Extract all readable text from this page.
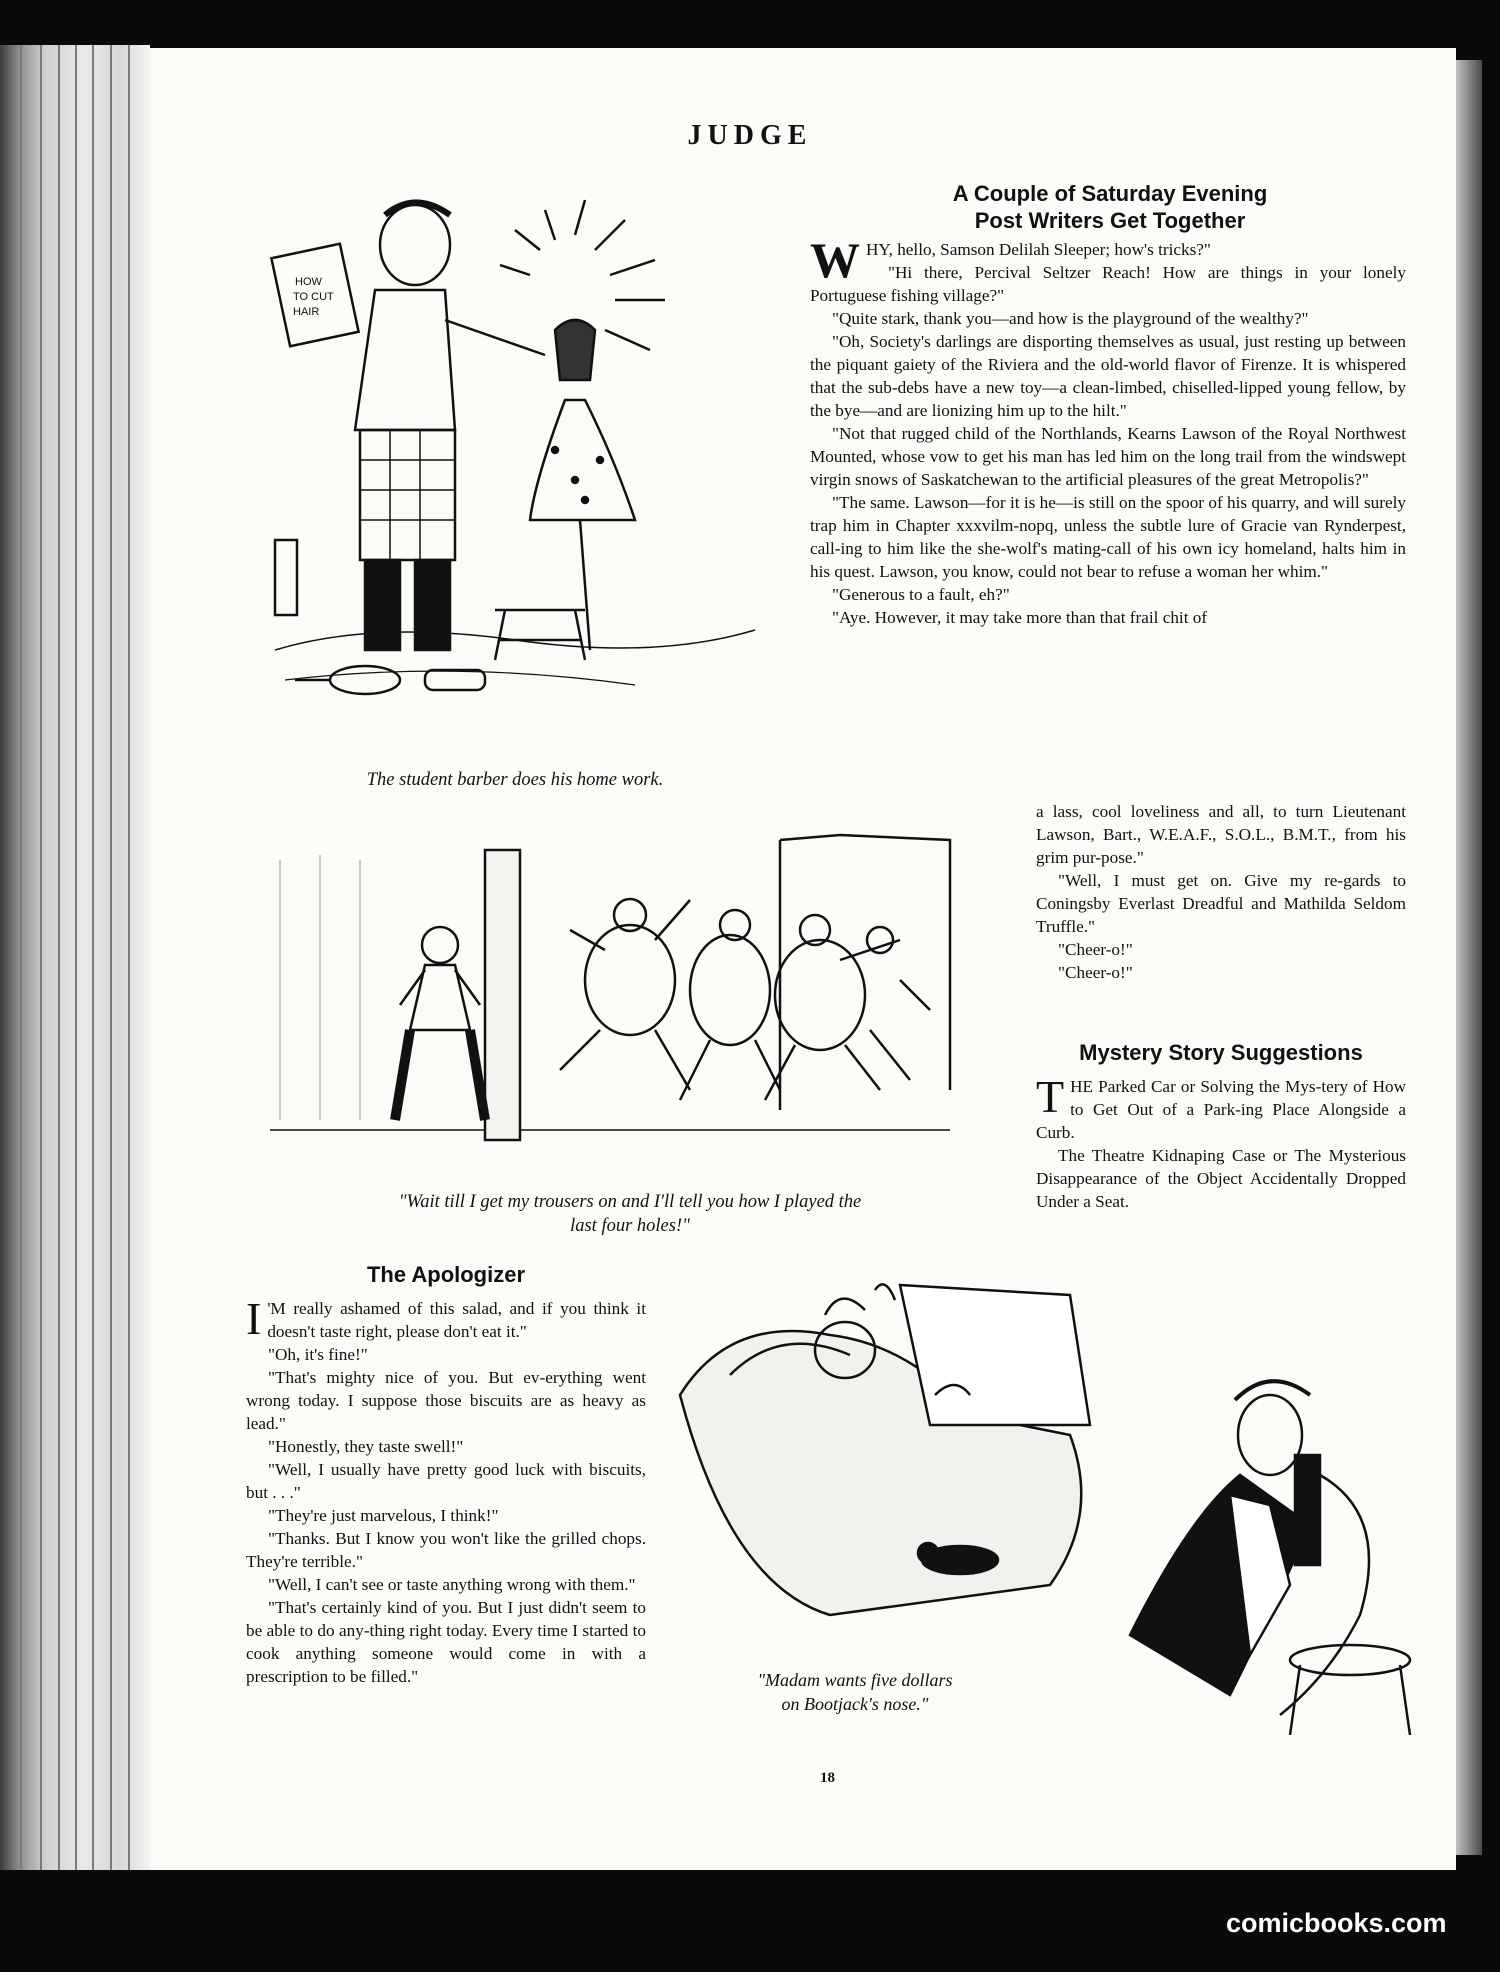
JUDGE
A Couple of Saturday Evening
Post Writers Get Together

WHY, hello, Samson Delilah Sleeper; how's tricks?"

"Hi there, Percival Seltzer Reach! How are things in your lonely Portuguese fishing village?"

"Quite stark, thank you—and how is the playground of the wealthy?"

"Oh, Society's darlings are disporting themselves as usual, just resting up between the piquant gaiety of the Riviera and the old-world flavor of Firenze. It is whispered that the sub-debs have a new toy—a clean-limbed, chiselled-lipped young fellow, by the bye—and are lionizing him up to the hilt."

"Not that rugged child of the Northlands, Kearns Lawson of the Royal Northwest Mounted, whose vow to get his man has led him on the long trail from the windswept virgin snows of Saskatchewan to the artificial pleasures of the great Metropolis?"

"The same. Lawson—for it is he—is still on the spoor of his quarry, and will surely trap him in Chapter xxxvilm-nopq, unless the subtle lure of Gracie van Rynderpest, call-ing to him like the she-wolf's mating-call of his own icy homeland, halts him in his quest. Lawson, you know, could not bear to refuse a woman her whim."

"Generous to a fault, eh?"

"Aye. However, it may take more than that frail chit of

a lass, cool loveliness and all, to turn Lieutenant Lawson, Bart., W.E.A.F., S.O.L., B.M.T., from his grim pur-pose."

"Well, I must get on. Give my re-gards to Coningsby Everlast Dreadful and Mathilda Seldom Truffle."

"Cheer-o!"

"Cheer-o!"

Mystery Story Suggestions

THE Parked Car or Solving the Mys-tery of How to Get Out of a Park-ing Place Alongside a Curb.

The Theatre Kidnaping Case or The Mysterious Disappearance of the Object Accidentally Dropped Under a Seat.

The Apologizer

I 'M really ashamed of this salad, and if you think it doesn't taste right, please don't eat it."

"Oh, it's fine!"

"That's mighty nice of you. But ev-erything went wrong today. I suppose those biscuits are as heavy as lead."

"Honestly, they taste swell!"

"Well, I usually have pretty good luck with biscuits, but . . ."

"They're just marvelous, I think!"

"Thanks. But I know you won't like the grilled chops. They're terrible."

"Well, I can't see or taste anything wrong with them."

"That's certainly kind of you. But I just didn't seem to be able to do any-thing right today. Every time I started to cook anything someone would come in with a prescription to be filled."

HOW
TO CUT
HAIR
The student barber does his home work.
"Wait till I get my trousers on and I'll tell you how I played the
last four holes!"
"Madam wants five dollars
on Bootjack's nose."
18
comicbooks.com
